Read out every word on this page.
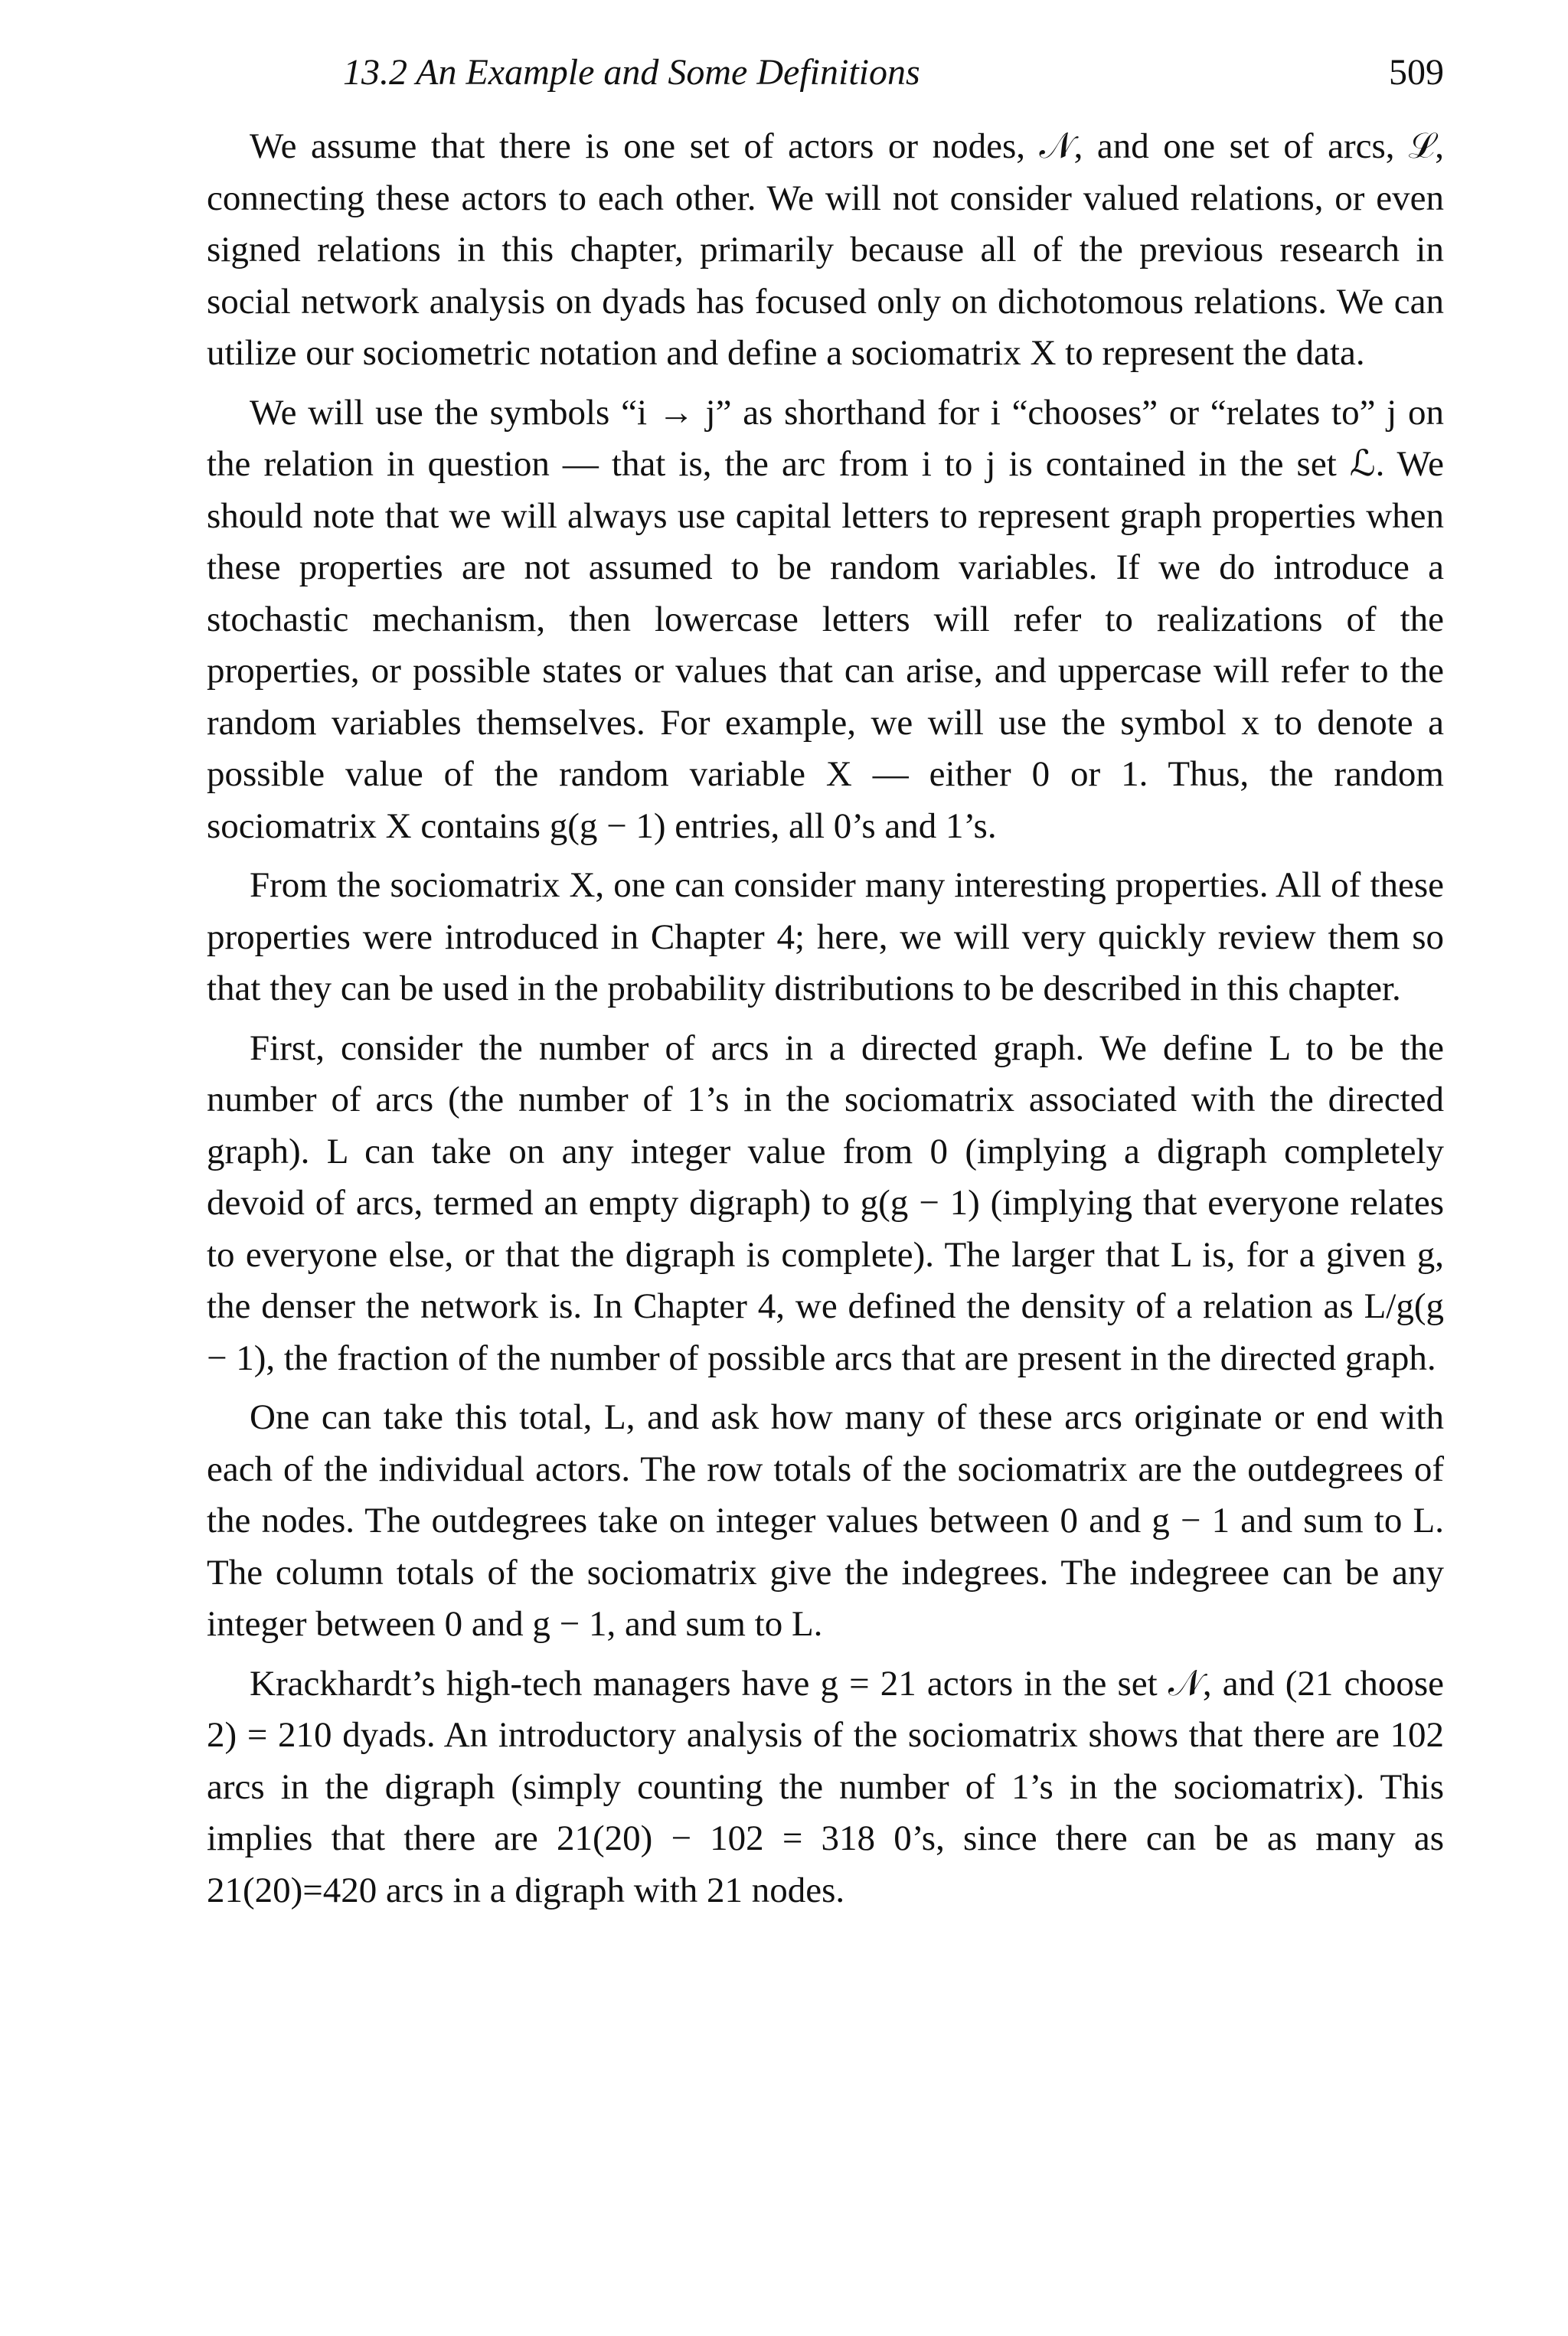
13.2 An Example and Some Definitions	509

We assume that there is one set of actors or nodes, 𝒩, and one set of arcs, ℒ, connecting these actors to each other. We will not consider valued relations, or even signed relations in this chapter, primarily because all of the previous research in social network analysis on dyads has focused only on dichotomous relations. We can utilize our sociometric notation and define a sociomatrix X to represent the data.

We will use the symbols “i → j” as shorthand for i “chooses” or “relates to” j on the relation in question — that is, the arc from i to j is contained in the set ℒ. We should note that we will always use capital letters to represent graph properties when these properties are not assumed to be random variables. If we do introduce a stochastic mechanism, then lowercase letters will refer to realizations of the properties, or possible states or values that can arise, and uppercase will refer to the random variables themselves. For example, we will use the symbol x to denote a possible value of the random variable X — either 0 or 1. Thus, the random sociomatrix X contains g(g − 1) entries, all 0’s and 1’s.

From the sociomatrix X, one can consider many interesting properties. All of these properties were introduced in Chapter 4; here, we will very quickly review them so that they can be used in the probability distributions to be described in this chapter.

First, consider the number of arcs in a directed graph. We define L to be the number of arcs (the number of 1’s in the sociomatrix associated with the directed graph). L can take on any integer value from 0 (implying a digraph completely devoid of arcs, termed an empty digraph) to g(g − 1) (implying that everyone relates to everyone else, or that the digraph is complete). The larger that L is, for a given g, the denser the network is. In Chapter 4, we defined the density of a relation as L/g(g − 1), the fraction of the number of possible arcs that are present in the directed graph.

One can take this total, L, and ask how many of these arcs originate or end with each of the individual actors. The row totals of the sociomatrix are the outdegrees of the nodes. The outdegrees take on integer values between 0 and g − 1 and sum to L. The column totals of the sociomatrix give the indegrees. The indegreee can be any integer between 0 and g − 1, and sum to L.

Krackhardt’s high-tech managers have g = 21 actors in the set 𝒩, and (21 choose 2) = 210 dyads. An introductory analysis of the sociomatrix shows that there are 102 arcs in the digraph (simply counting the number of 1’s in the sociomatrix). This implies that there are 21(20) − 102 = 318 0’s, since there can be as many as 21(20)=420 arcs in a digraph with 21 nodes.
